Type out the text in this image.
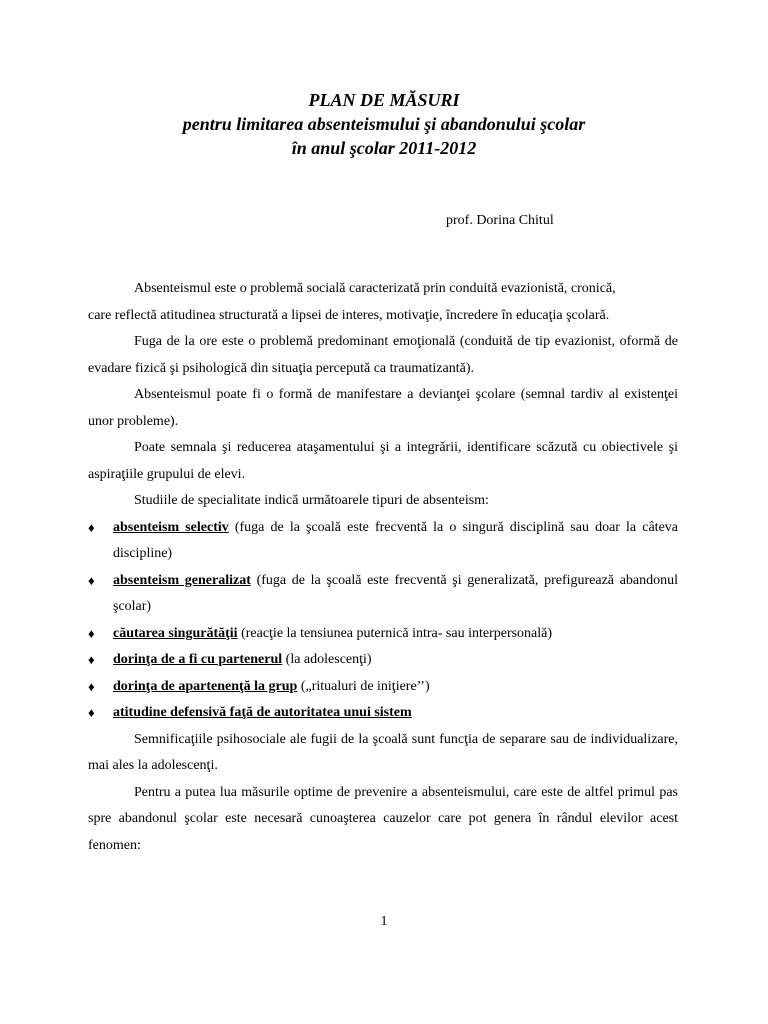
PLAN DE MĂSURI
pentru limitarea absenteismului şi abandonului şcolar
în anul şcolar 2011-2012
prof. Dorina Chitul

Absenteismul este o problemă socială caracterizată prin conduită evazionistă, cronică,

care reflectă atitudinea structurată a lipsei de interes, motivaţie, încredere în educaţia şcolară.

Fuga de la ore este o problemă predominant emoţională (conduită de tip evazionist, oformă de evadare fizică şi psihologică din situaţia percepută ca traumatizantă).

Absenteismul poate fi o formă de manifestare a devianţei şcolare (semnal tardiv al existenţei unor probleme).

Poate semnala şi reducerea ataşamentului şi a integrării, identificare scăzută cu obiectivele şi aspiraţiile grupului de elevi.

Studiile de specialitate indică următoarele tipuri de absenteism:

♦ absenteism selectiv (fuga de la şcoală este frecventă la o singură disciplină sau doar la câteva discipline)
♦ absenteism generalizat (fuga de la şcoală este frecventă şi generalizată, prefigurează abandonul şcolar)
♦ căutarea singurătăţii (reacţie la tensiunea puternică intra- sau interpersonală)
♦ dorinţa de a fi cu partenerul (la adolescenţi)
♦ dorinţa de apartenenţă la grup („ritualuri de iniţiere’’)
♦ atitudine defensivă faţă de autoritatea unui sistem

Semnificaţiile psihosociale ale fugii de la şcoală sunt funcţia de separare sau de individualizare, mai ales la adolescenţi.

Pentru a putea lua măsurile optime de prevenire a absenteismului, care este de altfel primul pas spre abandonul şcolar este necesară cunoaşterea cauzelor care pot genera în rândul elevilor acest fenomen:

1
